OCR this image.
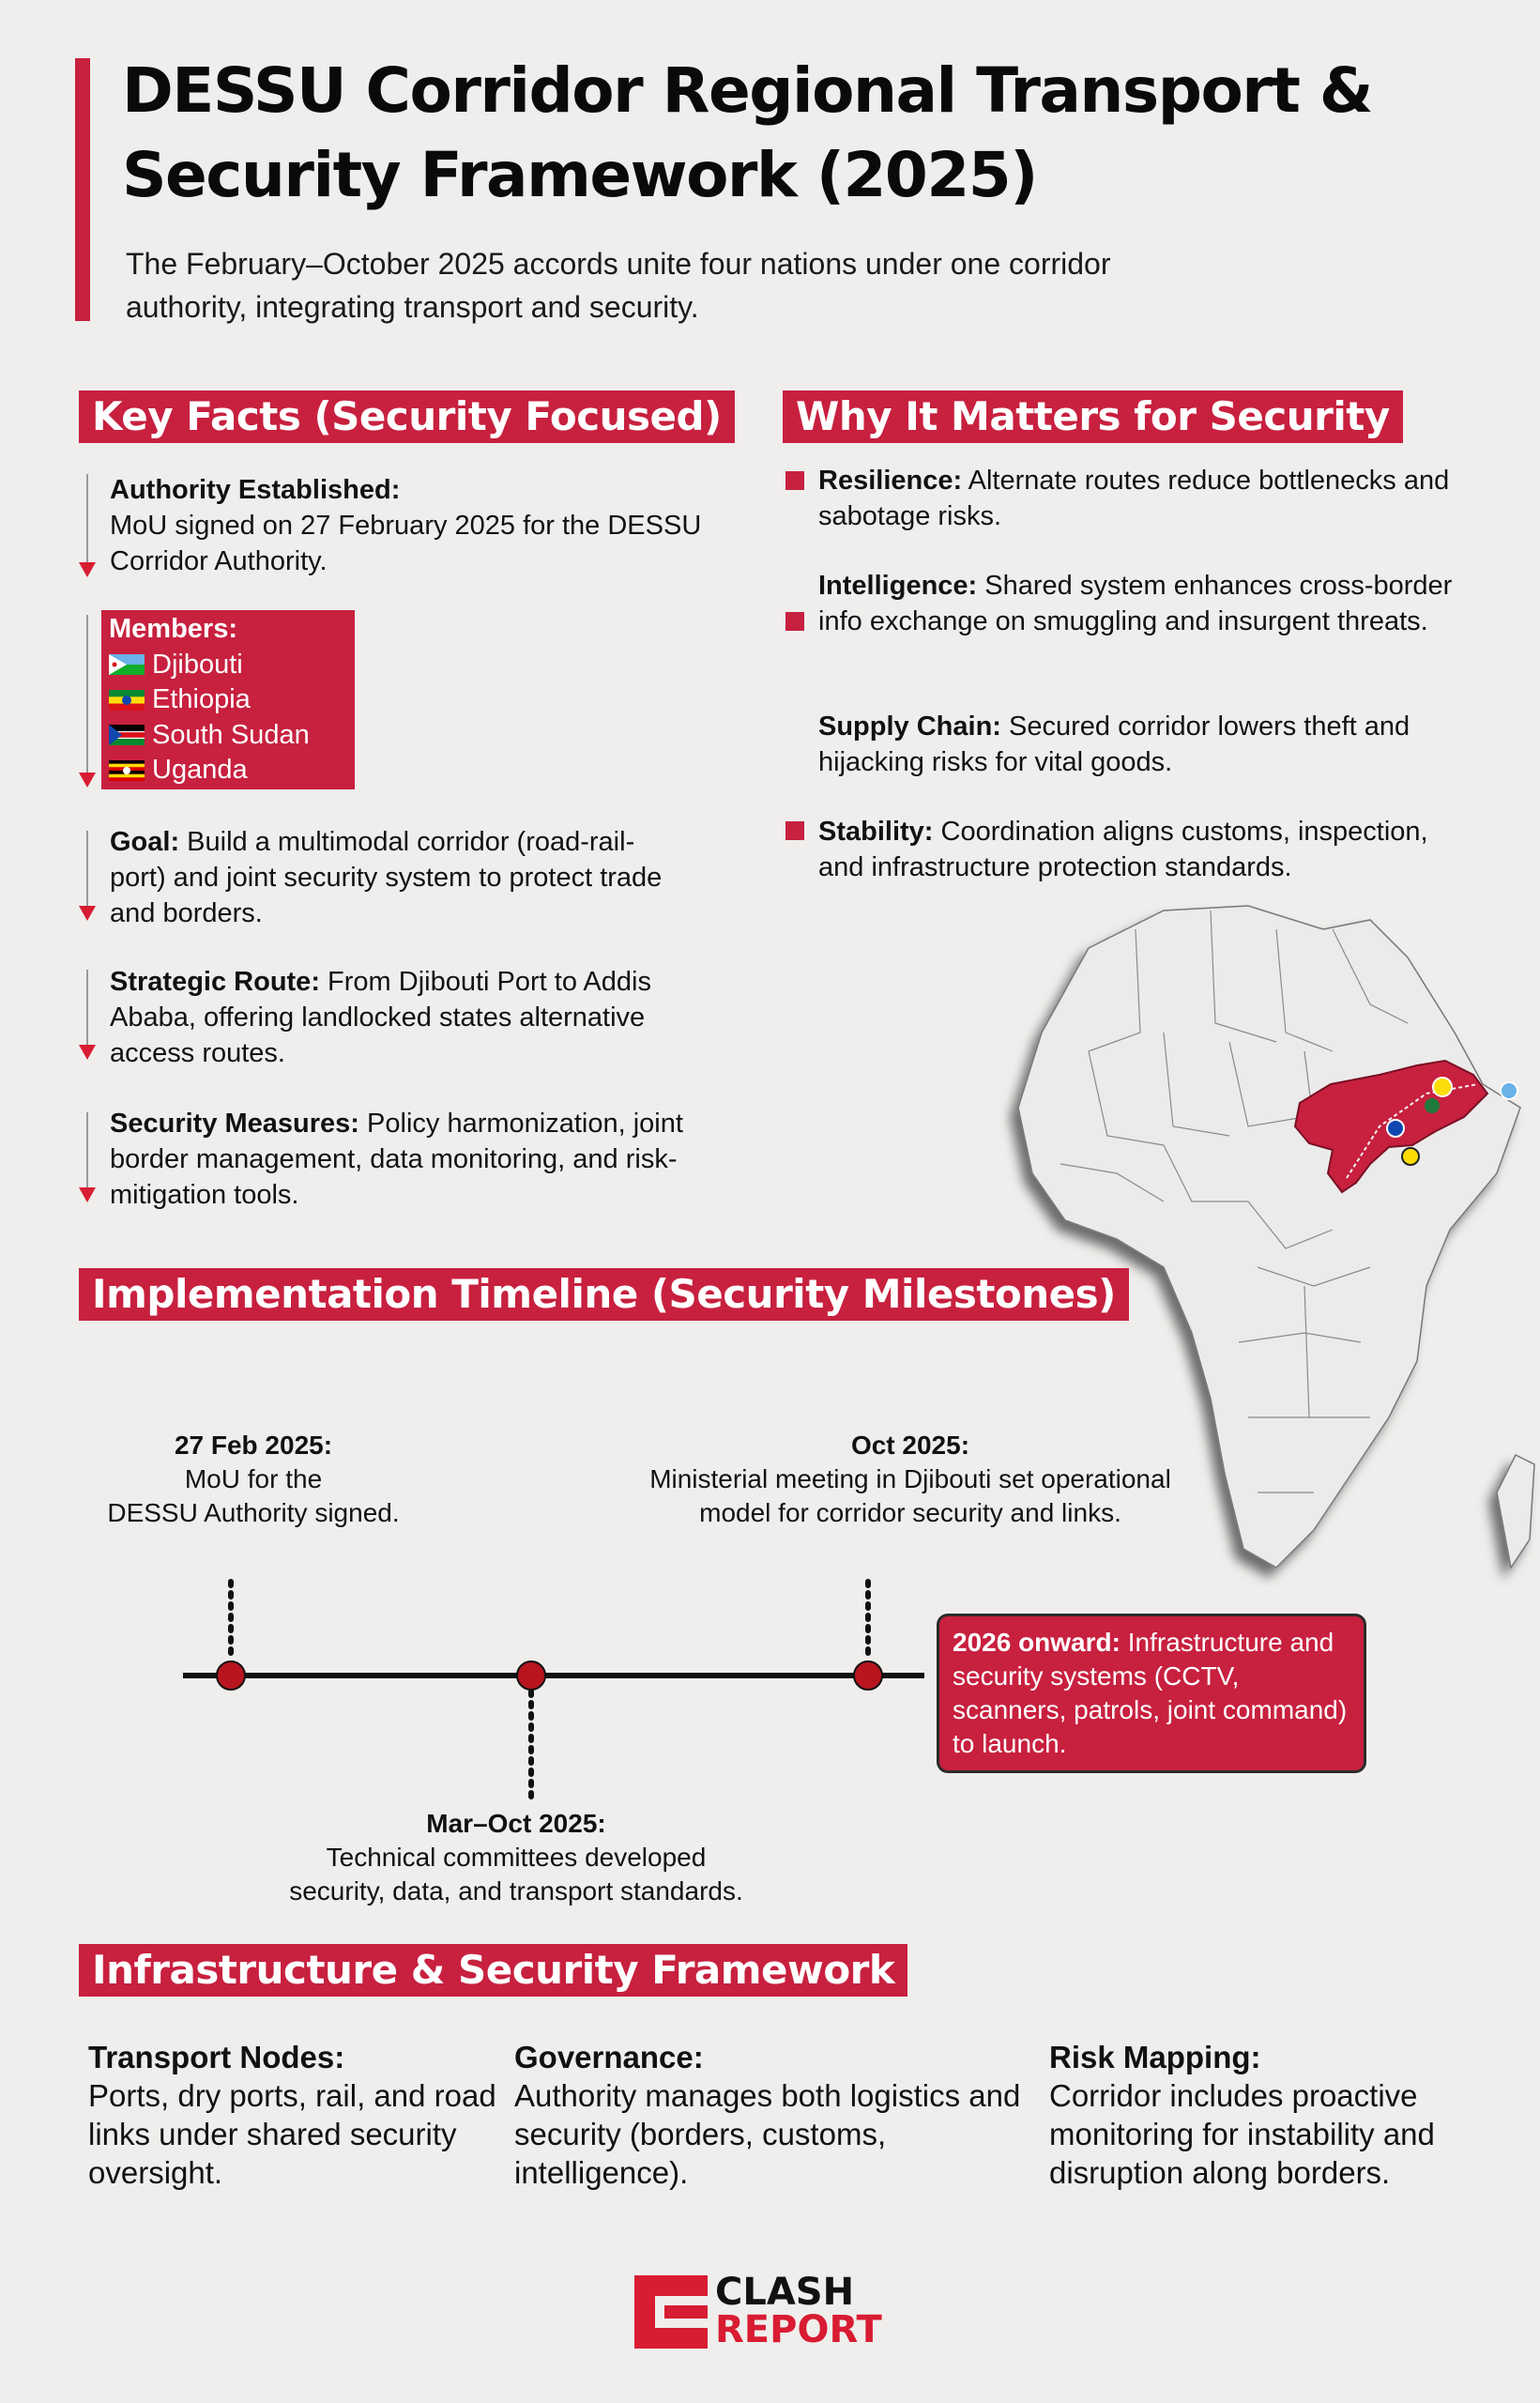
DESSU Corridor Regional Transport &
Security Framework (2025)
The February–October 2025 accords unite four nations under one corridor authority, integrating transport and security.
Key Facts (Security Focused)
Authority Established:
MoU signed on 27 February 2025 for the DESSU Corridor Authority.
Members:
Djibouti
Ethiopia
South Sudan
Uganda
Goal: Build a multimodal corridor (road-rail-port) and joint security system to protect trade and borders.
Strategic Route: From Djibouti Port to Addis Ababa, offering landlocked states alternative access routes.
Security Measures: Policy harmonization, joint border management, data monitoring, and risk-mitigation tools.
Why It Matters for Security
Resilience: Alternate routes reduce bottlenecks and sabotage risks.
Intelligence: Shared system enhances cross-border info exchange on smuggling and insurgent threats.
Supply Chain: Secured corridor lowers theft and hijacking risks for vital goods.
Stability: Coordination aligns customs, inspection, and infrastructure protection standards.
Implementation Timeline (Security Milestones)
27 Feb 2025:
MoU for the
DESSU Authority signed.
Oct 2025:
Ministerial meeting in Djibouti set operational
model for corridor security and links.
Mar–Oct 2025:
Technical committees developed
security, data, and transport standards.
2026 onward: Infrastructure and security systems (CCTV, scanners, patrols, joint command) to launch.
Infrastructure & Security Framework
Transport Nodes:
Ports, dry ports, rail, and road links under shared security oversight.
Governance:
Authority manages both logistics and security (borders, customs, intelligence).
Risk Mapping:
Corridor includes proactive monitoring for instability and disruption along borders.
CLASH
REPORT
